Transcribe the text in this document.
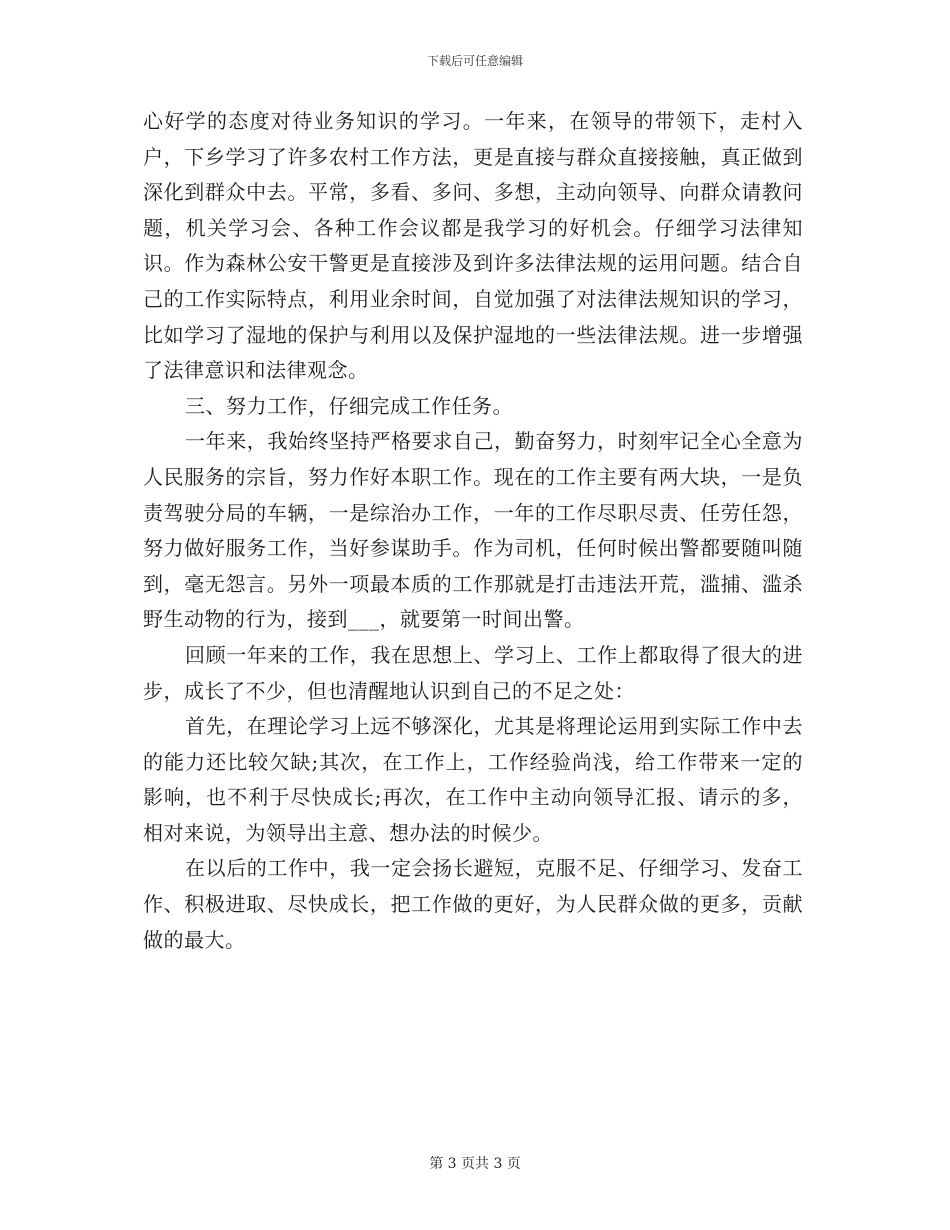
下载后可任意编辑

心好学的态度对待业务知识的学习。一年来，在领导的带领下，走村入户，下乡学习了许多农村工作方法，更是直接与群众直接接触，真正做到深化到群众中去。平常，多看、多问、多想，主动向领导、向群众请教问题，机关学习会、各种工作会议都是我学习的好机会。仔细学习法律知识。作为森林公安干警更是直接涉及到许多法律法规的运用问题。结合自己的工作实际特点，利用业余时间，自觉加强了对法律法规知识的学习，比如学习了湿地的保护与利用以及保护湿地的一些法律法规。进一步增强了法律意识和法律观念。

三、努力工作，仔细完成工作任务。

一年来，我始终坚持严格要求自己，勤奋努力，时刻牢记全心全意为人民服务的宗旨，努力作好本职工作。现在的工作主要有两大块，一是负责驾驶分局的车辆，一是综治办工作，一年的工作尽职尽责、任劳任怨，努力做好服务工作，当好参谋助手。作为司机，任何时候出警都要随叫随到，毫无怨言。另外一项最本质的工作那就是打击违法开荒，滥捕、滥杀野生动物的行为，接到___，就要第一时间出警。

回顾一年来的工作，我在思想上、学习上、工作上都取得了很大的进步，成长了不少，但也清醒地认识到自己的不足之处：

首先，在理论学习上远不够深化，尤其是将理论运用到实际工作中去的能力还比较欠缺;其次，在工作上，工作经验尚浅，给工作带来一定的影响，也不利于尽快成长;再次，在工作中主动向领导汇报、请示的多，相对来说，为领导出主意、想办法的时候少。

在以后的工作中，我一定会扬长避短，克服不足、仔细学习、发奋工作、积极进取、尽快成长，把工作做的更好，为人民群众做的更多，贡献做的最大。

第 3 页共 3 页
